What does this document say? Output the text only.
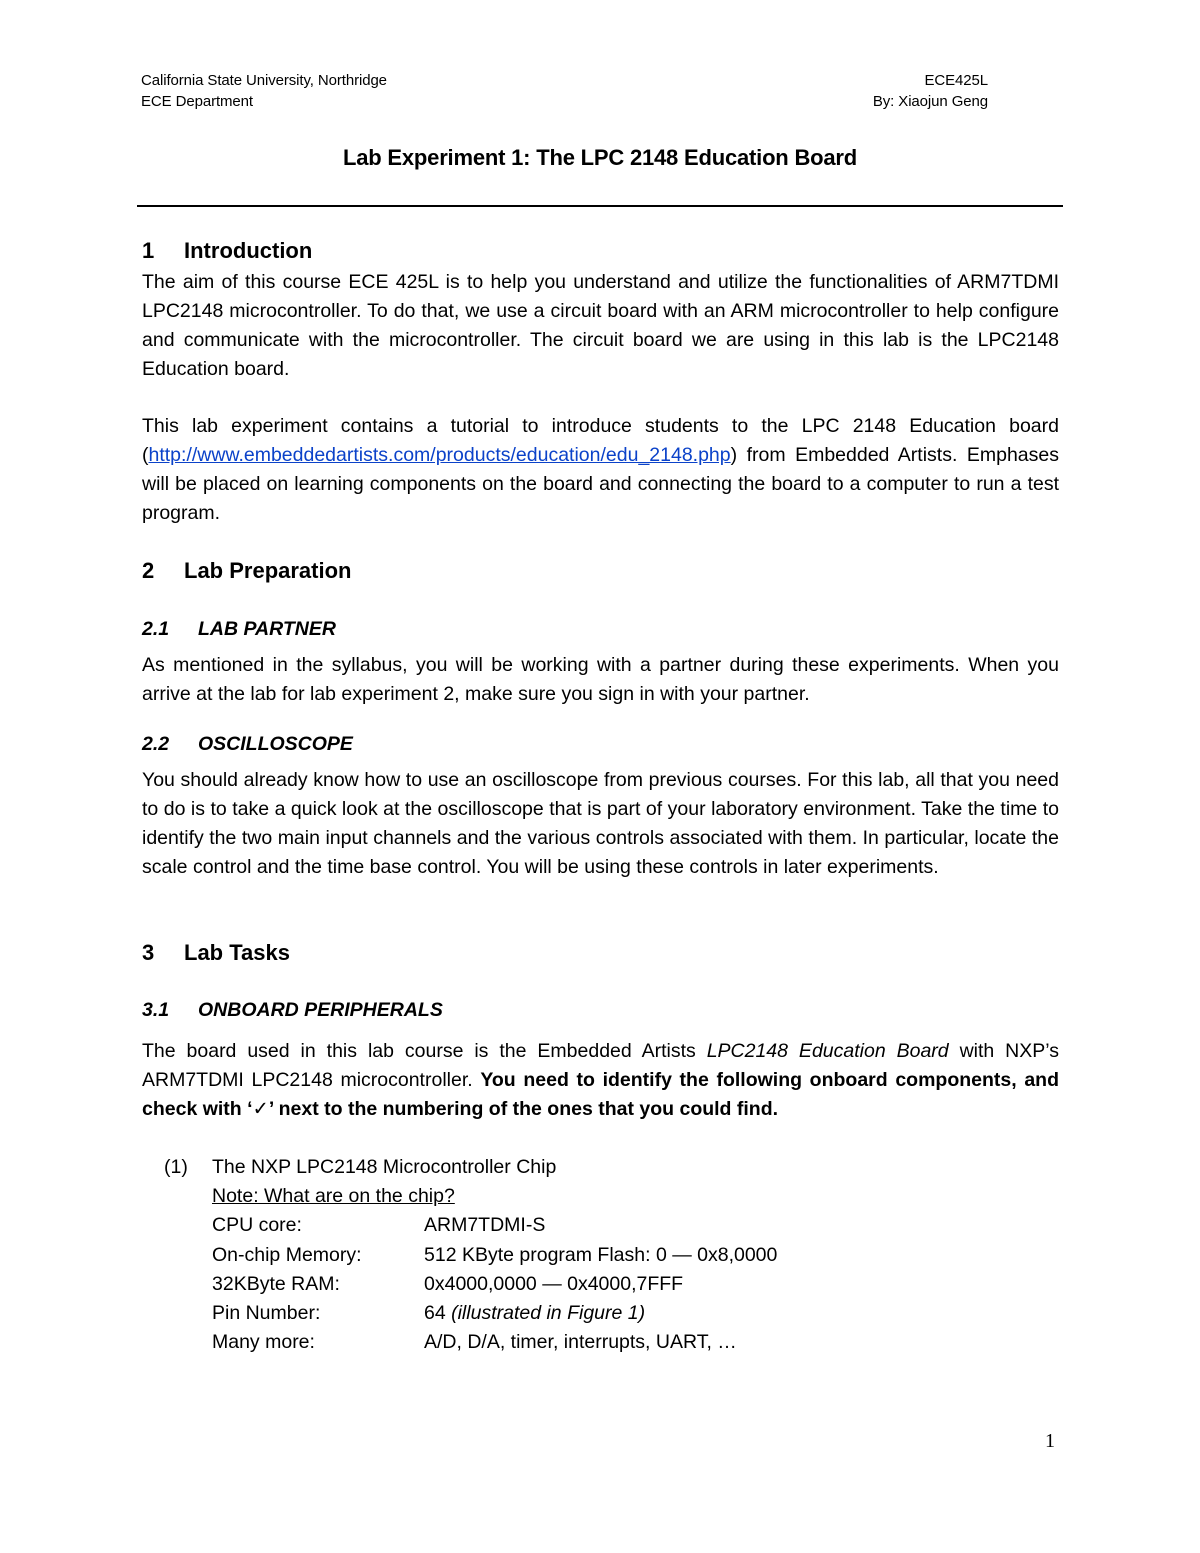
California State University, Northridge	ECE425L
ECE Department	By: Xiaojun Geng
Lab Experiment 1: The LPC 2148 Education Board
1 Introduction
The aim of this course ECE 425L is to help you understand and utilize the functionalities of ARM7TDMI LPC2148 microcontroller. To do that, we use a circuit board with an ARM microcontroller to help configure and communicate with the microcontroller. The circuit board we are using in this lab is the LPC2148 Education board.
This lab experiment contains a tutorial to introduce students to the LPC 2148 Education board (http://www.embeddedartists.com/products/education/edu_2148.php) from Embedded Artists. Emphases will be placed on learning components on the board and connecting the board to a computer to run a test program.
2 Lab Preparation
2.1 LAB PARTNER
As mentioned in the syllabus, you will be working with a partner during these experiments. When you arrive at the lab for lab experiment 2, make sure you sign in with your partner.
2.2 OSCILLOSCOPE
You should already know how to use an oscilloscope from previous courses. For this lab, all that you need to do is to take a quick look at the oscilloscope that is part of your laboratory environment. Take the time to identify the two main input channels and the various controls associated with them. In particular, locate the scale control and the time base control. You will be using these controls in later experiments.
3 Lab Tasks
3.1 ONBOARD PERIPHERALS
The board used in this lab course is the Embedded Artists LPC2148 Education Board with NXP’s ARM7TDMI LPC2148 microcontroller. You need to identify the following onboard components, and check with ‘✓’ next to the numbering of the ones that you could find.
(1)	The NXP LPC2148 Microcontroller Chip
Note: What are on the chip?
CPU core:	ARM7TDMI-S
On-chip Memory:	512 KByte program Flash: 0 — 0x8,0000
32KByte RAM:	0x4000,0000 — 0x4000,7FFF
Pin Number:	64 (illustrated in Figure 1)
Many more:	A/D, D/A, timer, interrupts, UART, …
1
